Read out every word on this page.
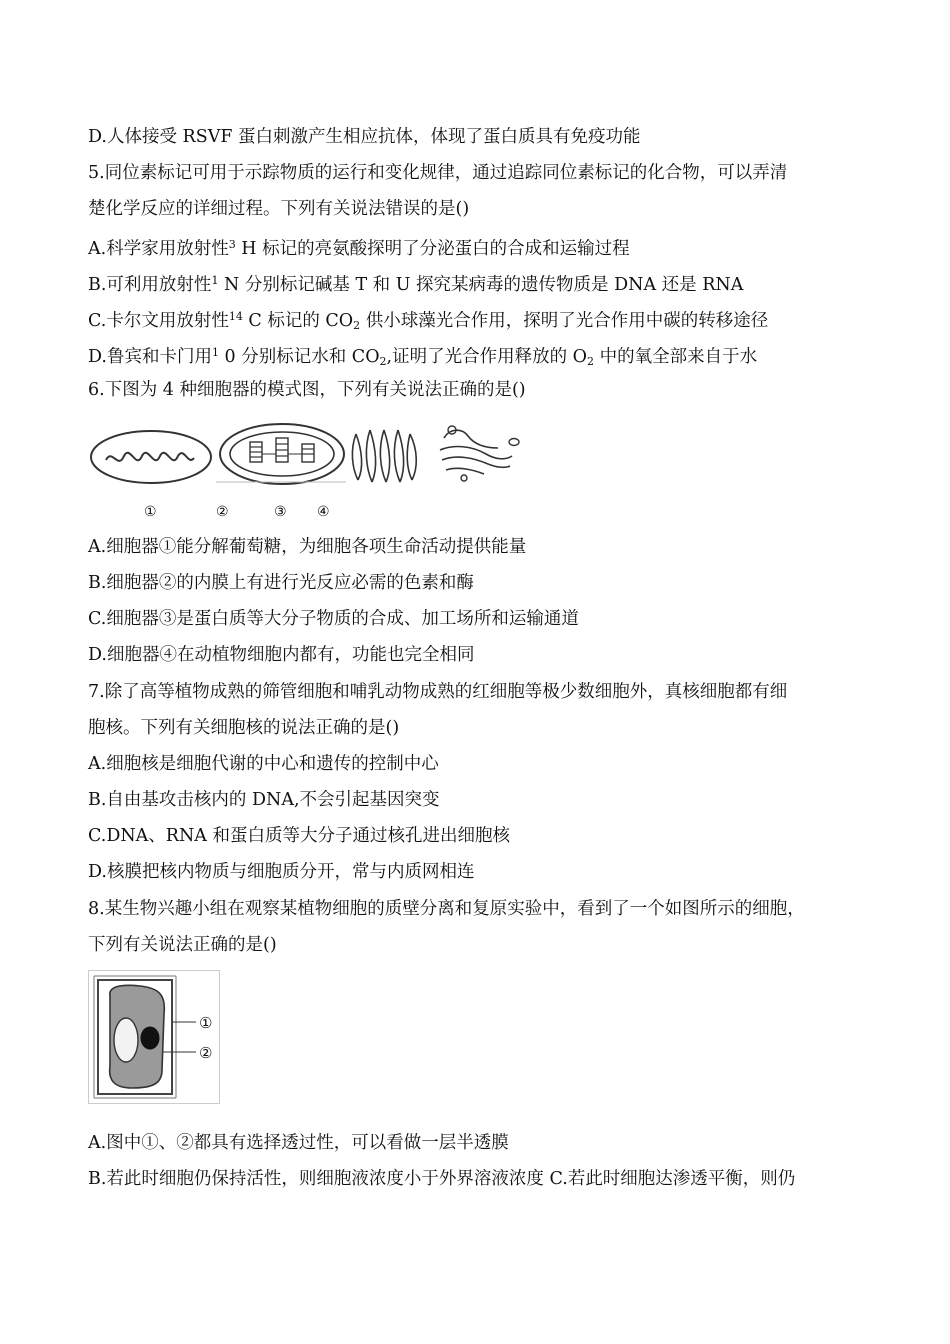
D.人体接受 RSVF 蛋白刺激产生相应抗体，体现了蛋白质具有免疫功能
5.同位素标记可用于示踪物质的运行和变化规律，通过追踪同位素标记的化合物，可以弄清
楚化学反应的详细过程。下列有关说法错误的是()
A.科学家用放射性$^3$ H 标记的亮氨酸探明了分泌蛋白的合成和运输过程
B.可利用放射性$^1$ N 分别标记碱基 T 和 U 探究某病毒的遗传物质是 DNA 还是 RNA
C.卡尔文用放射性$^{14}$ C 标记的 $CO_2$ 供小球藻光合作用，探明了光合作用中碳的转移途径
D.鲁宾和卡门用$^1$ 0 分别标记水和 $CO_2$,证明了光合作用释放的 $O_2$ 中的氧全部来自于水
6.下图为 4 种细胞器的模式图，下列有关说法正确的是()
①	②	③ ④
A.细胞器①能分解葡萄糖，为细胞各项生命活动提供能量
B.细胞器②的内膜上有进行光反应必需的色素和酶
C.细胞器③是蛋白质等大分子物质的合成、加工场所和运输通道
D.细胞器④在动植物细胞内都有，功能也完全相同
7.除了高等植物成熟的筛管细胞和哺乳动物成熟的红细胞等极少数细胞外，真核细胞都有细
胞核。下列有关细胞核的说法正确的是()
A.细胞核是细胞代谢的中心和遗传的控制中心
B.自由基攻击核内的 DNA,不会引起基因突变
C.DNA、RNA 和蛋白质等大分子通过核孔进出细胞核
D.核膜把核内物质与细胞质分开，常与内质网相连
8.某生物兴趣小组在观察某植物细胞的质壁分离和复原实验中，看到了一个如图所示的细胞，
下列有关说法正确的是()
①
②
A.图中①、②都具有选择透过性，可以看做一层半透膜
B.若此时细胞仍保持活性，则细胞液浓度小于外界溶液浓度 C.若此时细胞达渗透平衡，则仍
